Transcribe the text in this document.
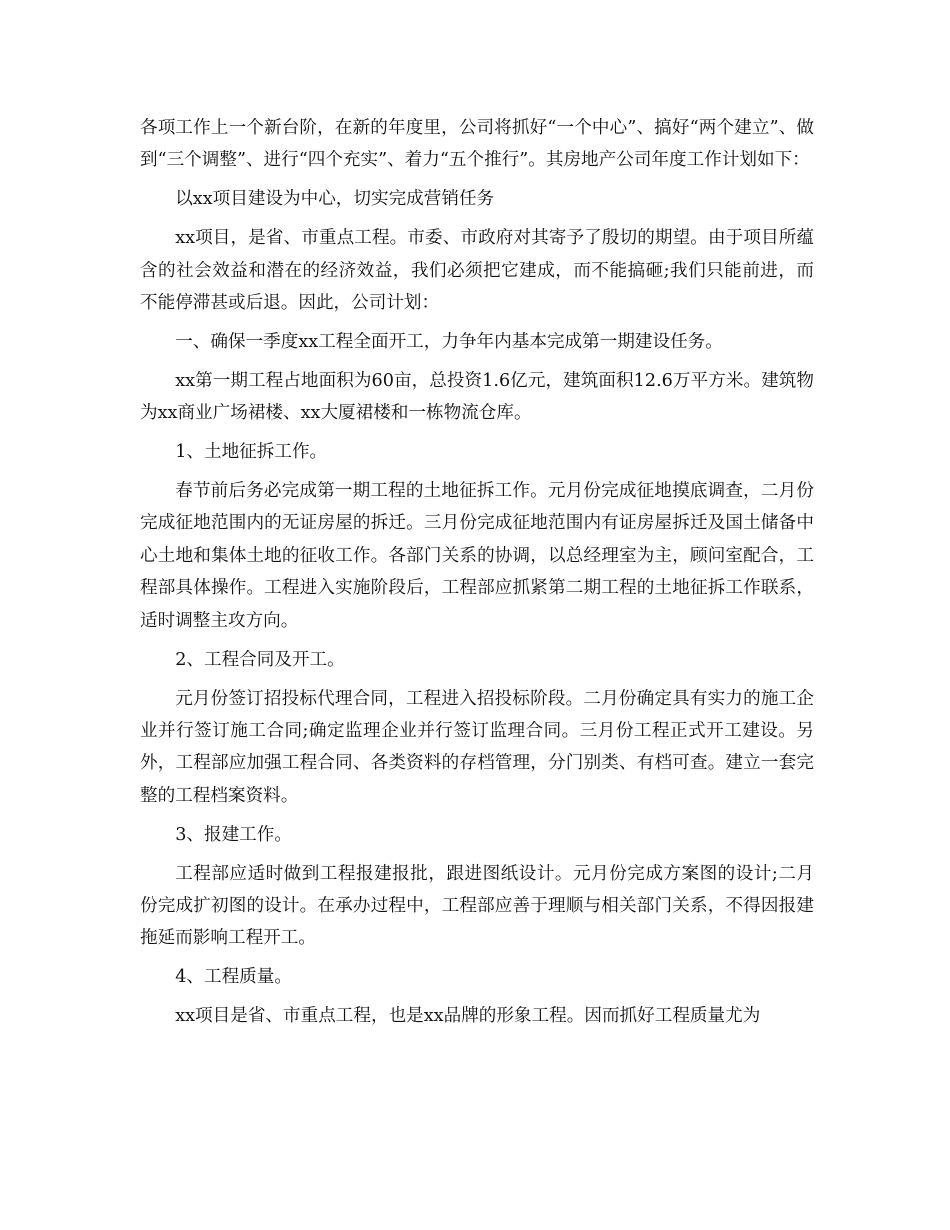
各项工作上一个新台阶，在新的年度里，公司将抓好“一个中心”、搞好“两个建立”、做到“三个调整”、进行“四个充实”、着力“五个推行”。其房地产公司年度工作计划如下：

以xx项目建设为中心，切实完成营销任务

xx项目，是省、市重点工程。市委、市政府对其寄予了殷切的期望。由于项目所蕴含的社会效益和潜在的经济效益，我们必须把它建成，而不能搞砸;我们只能前进，而不能停滞甚或后退。因此，公司计划：

一、确保一季度xx工程全面开工，力争年内基本完成第一期建设任务。

xx第一期工程占地面积为60亩，总投资1.6亿元，建筑面积12.6万平方米。建筑物为xx商业广场裙楼、xx大厦裙楼和一栋物流仓库。

1、土地征拆工作。

春节前后务必完成第一期工程的土地征拆工作。元月份完成征地摸底调查，二月份完成征地范围内的无证房屋的拆迁。三月份完成征地范围内有证房屋拆迁及国土储备中心土地和集体土地的征收工作。各部门关系的协调，以总经理室为主，顾问室配合，工程部具体操作。工程进入实施阶段后，工程部应抓紧第二期工程的土地征拆工作联系，适时调整主攻方向。

2、工程合同及开工。

元月份签订招投标代理合同，工程进入招投标阶段。二月份确定具有实力的施工企业并行签订施工合同;确定监理企业并行签订监理合同。三月份工程正式开工建设。另外，工程部应加强工程合同、各类资料的存档管理，分门别类、有档可查。建立一套完整的工程档案资料。

3、报建工作。

工程部应适时做到工程报建报批，跟进图纸设计。元月份完成方案图的设计;二月份完成扩初图的设计。在承办过程中，工程部应善于理顺与相关部门关系，不得因报建拖延而影响工程开工。

4、工程质量。

xx项目是省、市重点工程，也是xx品牌的形象工程。因而抓好工程质量尤为
